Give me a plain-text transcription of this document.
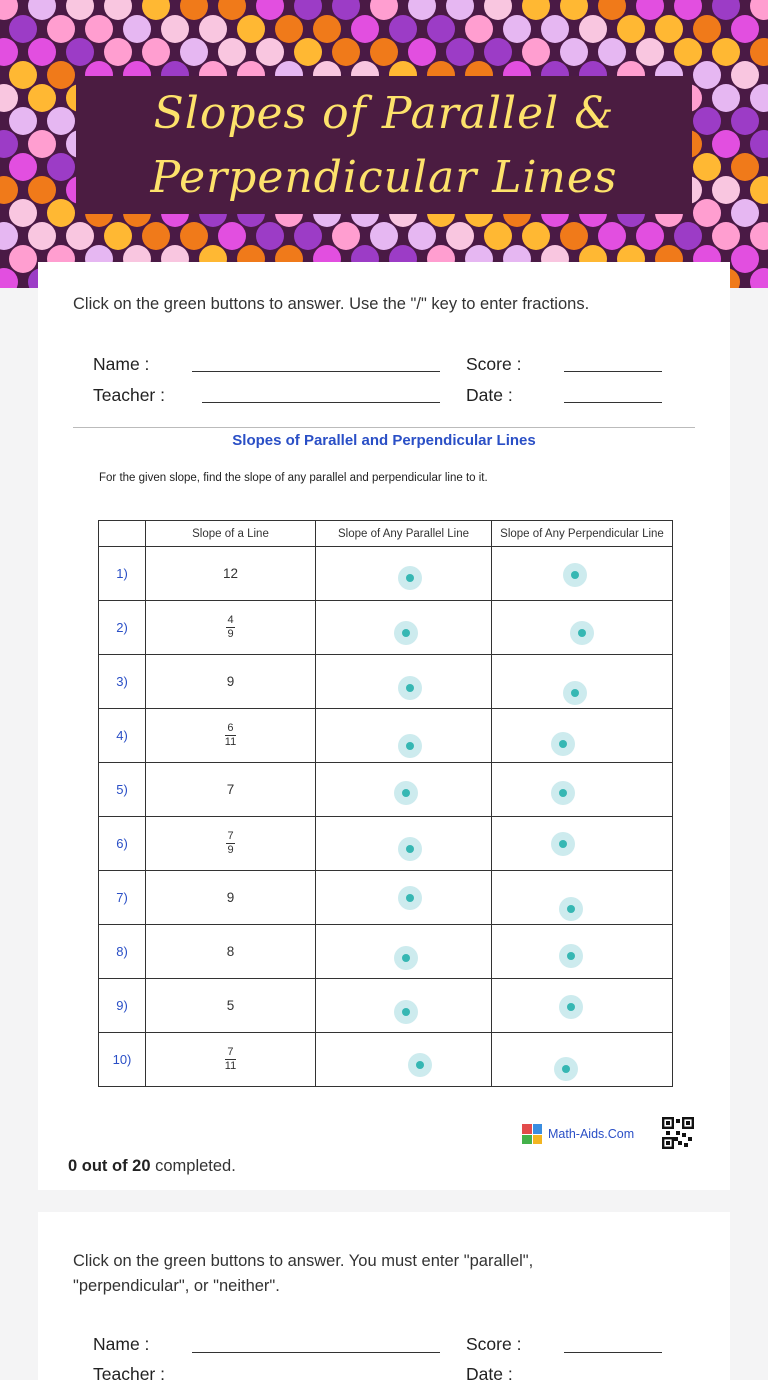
Slopes of Parallel &
Perpendicular Lines
Click on the green buttons to answer. Use the "/" key to enter fractions.
Name :	Score :
Teacher :	Date :
Slopes of Parallel and Perpendicular Lines
For the given slope, find the slope of any parallel and perpendicular line to it.
	Slope of a Line	Slope of Any Parallel Line	Slope of Any Perpendicular Line
1)	12	

2)	$\frac{4}{9}$

3)	9	

4)	$\frac{6}{11}$

5)	7	

6)	$\frac{7}{9}$

7)	9	

8)	8	

9)	5	

10)	$\frac{7}{11}$

Math-Aids.Com
0 out of 20 completed.
Click on the green buttons to answer. You must enter "parallel", "perpendicular", or "neither".
Name :	Score :
Teacher :	Date :
